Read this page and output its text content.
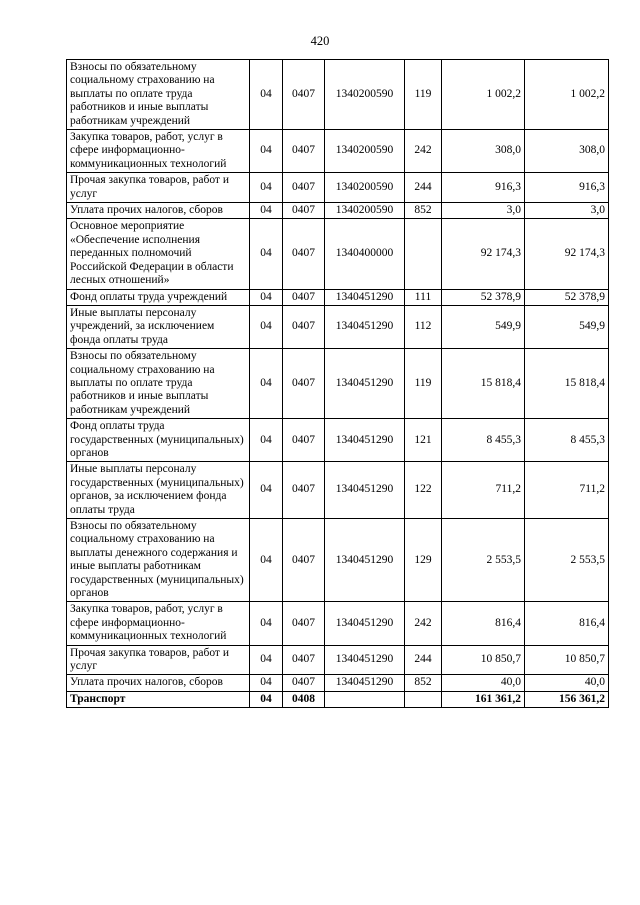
420
Взносы по обязательному социальному страхованию на выплаты по оплате труда работников и иные выплаты работникам учреждений	04	0407	1340200590	119	1 002,2	1 002,2
Закупка товаров, работ, услуг в сфере информационно-коммуникационных технологий	04	0407	1340200590	242	308,0	308,0
Прочая закупка товаров, работ и услуг	04	0407	1340200590	244	916,3	916,3
Уплата прочих налогов, сборов	04	0407	1340200590	852	3,0	3,0
Основное мероприятие «Обеспечение исполнения переданных полномочий Российской Федерации в области лесных отношений»	04	0407	1340400000		92 174,3	92 174,3
Фонд оплаты труда учреждений	04	0407	1340451290	111	52 378,9	52 378,9
Иные выплаты персоналу учреждений, за исключением фонда оплаты труда	04	0407	1340451290	112	549,9	549,9
Взносы по обязательному социальному страхованию на выплаты по оплате труда работников и иные выплаты работникам учреждений	04	0407	1340451290	119	15 818,4	15 818,4
Фонд оплаты труда государственных (муниципальных) органов	04	0407	1340451290	121	8 455,3	8 455,3
Иные выплаты персоналу государственных (муниципальных) органов, за исключением фонда оплаты труда	04	0407	1340451290	122	711,2	711,2
Взносы по обязательному социальному страхованию на выплаты денежного содержания и иные выплаты работникам государственных (муниципальных) органов	04	0407	1340451290	129	2 553,5	2 553,5
Закупка товаров, работ, услуг в сфере информационно-коммуникационных технологий	04	0407	1340451290	242	816,4	816,4
Прочая закупка товаров, работ и услуг	04	0407	1340451290	244	10 850,7	10 850,7
Уплата прочих налогов, сборов	04	0407	1340451290	852	40,0	40,0
Транспорт	04	0408			161 361,2	156 361,2
